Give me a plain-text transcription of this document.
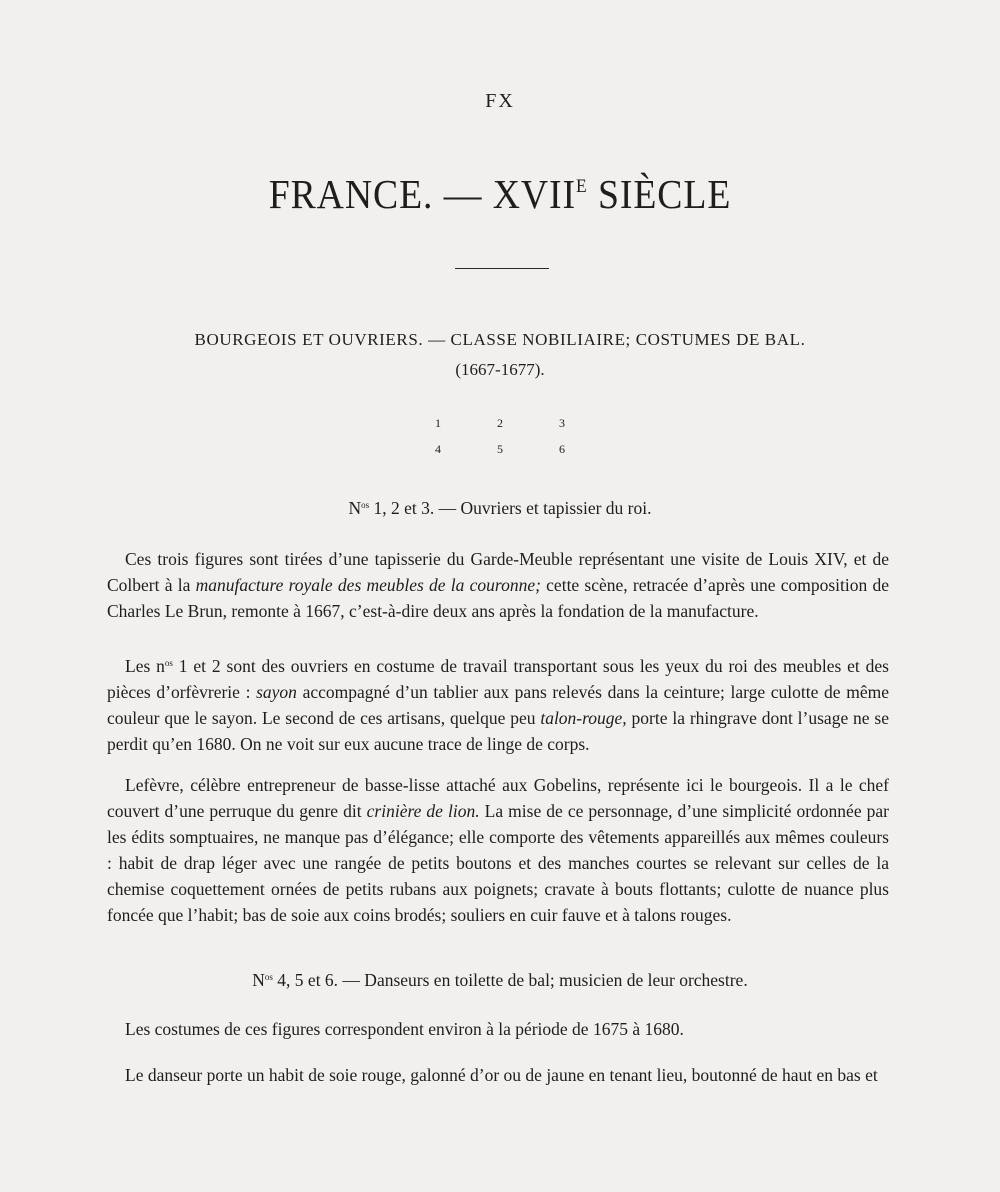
FX
FRANCE. — $XVII^E$ SIÈCLE
BOURGEOIS ET OUVRIERS. — CLASSE NOBILIAIRE; COSTUMES DE BAL.
(1667-1677).
1	2	3
4	5	6
$N^{os}$ 1, 2 et 3. — Ouvriers et tapissier du roi.

Ces trois figures sont tirées d’une tapisserie du Garde-Meuble représentant une visite de Louis XIV, et de Colbert à la manufacture royale des meubles de la couronne; cette scène, retracée d’après une composition de Charles Le Brun, remonte à 1667, c’est-à-dire deux ans après la fondation de la manufacture.

Les $n^{os}$ 1 et 2 sont des ouvriers en costume de travail transportant sous les yeux du roi des meubles et des pièces d’orfèvrerie : sayon accompagné d’un tablier aux pans relevés dans la ceinture; large culotte de même couleur que le sayon. Le second de ces artisans, quelque peu talon-rouge, porte la rhingrave dont l’usage ne se perdit qu’en 1680. On ne voit sur eux aucune trace de linge de corps.

Lefèvre, célèbre entrepreneur de basse-lisse attaché aux Gobelins, représente ici le bourgeois. Il a le chef couvert d’une perruque du genre dit crinière de lion. La mise de ce personnage, d’une simplicité ordonnée par les édits somptuaires, ne manque pas d’élégance; elle comporte des vêtements appareillés aux mêmes couleurs : habit de drap léger avec une rangée de petits boutons et des manches courtes se relevant sur celles de la chemise coquettement ornées de petits rubans aux poignets; cravate à bouts flottants; culotte de nuance plus foncée que l’habit; bas de soie aux coins brodés; souliers en cuir fauve et à talons rouges.

$N^{os}$ 4, 5 et 6. — Danseurs en toilette de bal; musicien de leur orchestre.

Les costumes de ces figures correspondent environ à la période de 1675 à 1680.

Le danseur porte un habit de soie rouge, galonné d’or ou de jaune en tenant lieu, boutonné de haut en bas et
